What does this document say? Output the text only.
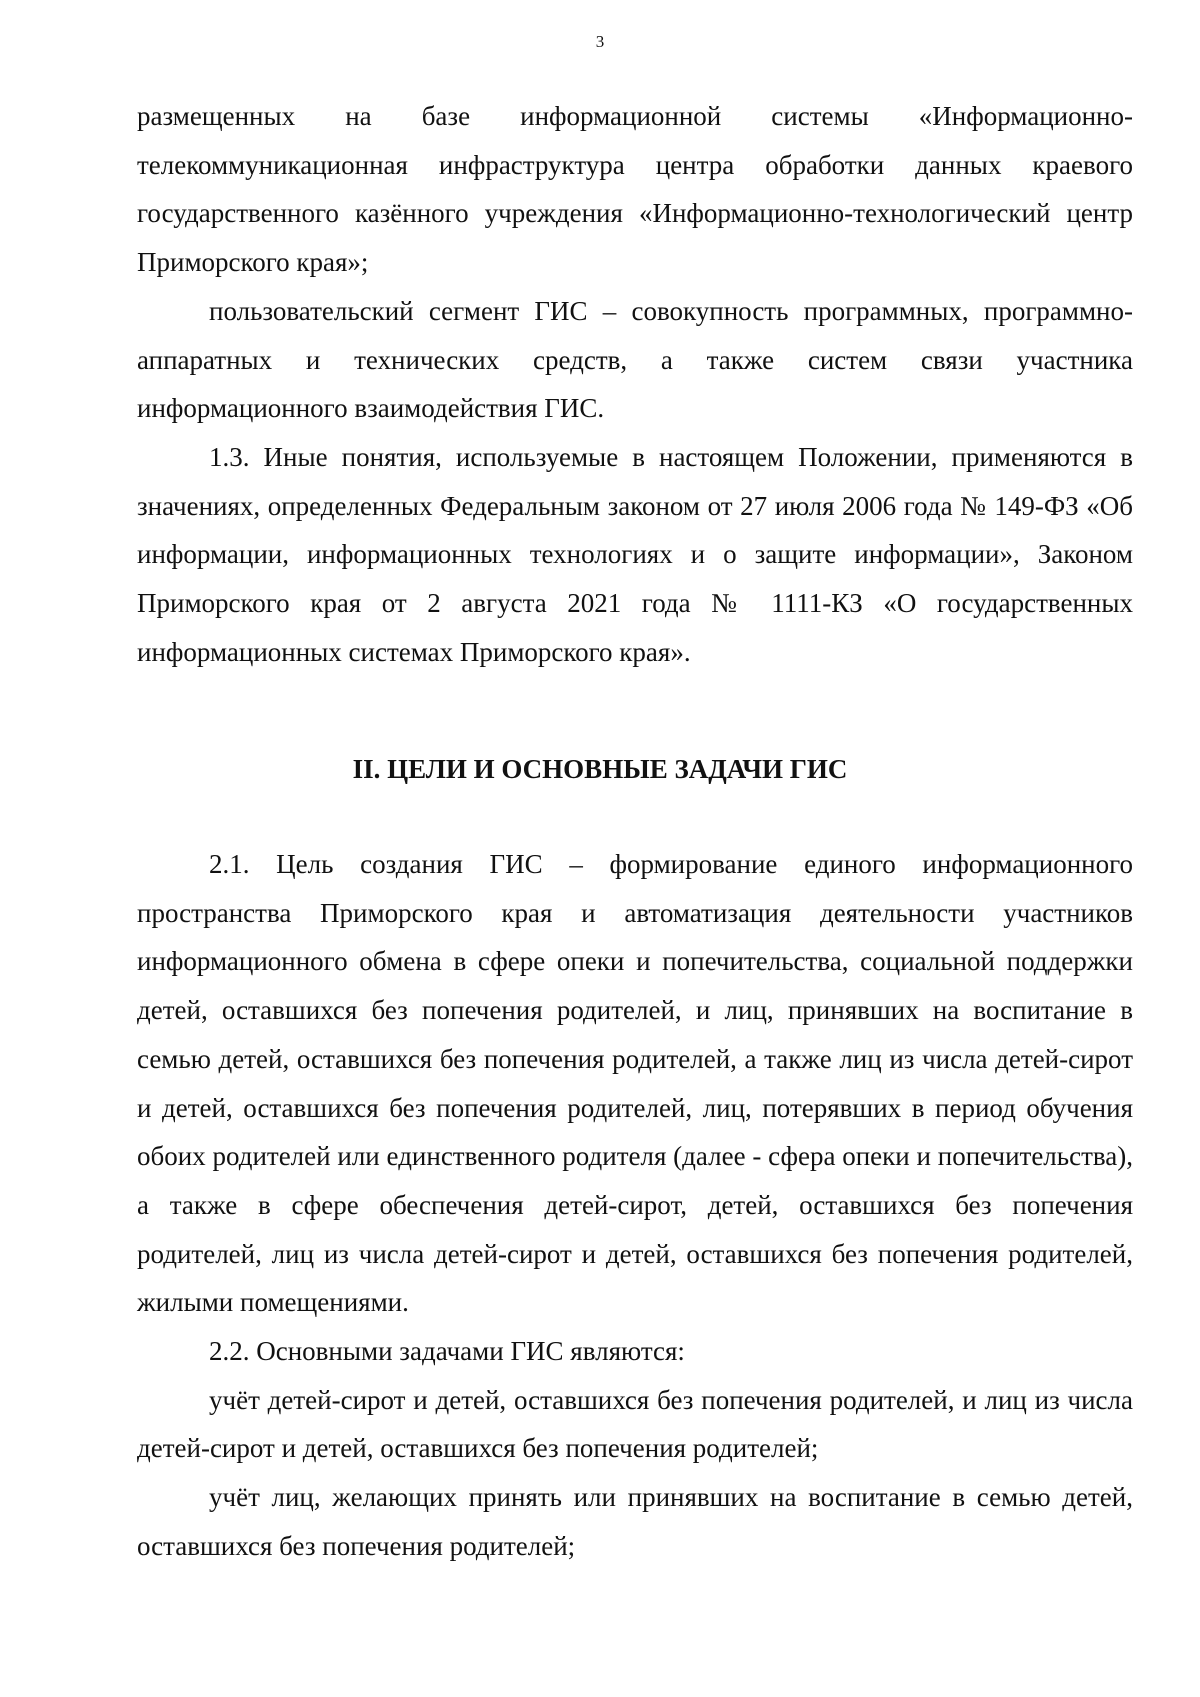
3

размещенных на базе информационной системы «Информационно-телекоммуникационная инфраструктура центра обработки данных краевого государственного казённого учреждения «Информационно-технологический центр Приморского края»;

пользовательский сегмент ГИС – совокупность программных, программно-аппаратных и технических средств, а также систем связи участника информационного взаимодействия ГИС.

1.3. Иные понятия, используемые в настоящем Положении, применяются в значениях, определенных Федеральным законом от 27 июля 2006 года № 149-ФЗ «Об информации, информационных технологиях и о защите информации», Законом Приморского края от 2 августа 2021 года № 1111-КЗ «О государственных информационных системах Приморского края».

II. ЦЕЛИ И ОСНОВНЫЕ ЗАДАЧИ ГИС

2.1. Цель создания ГИС – формирование единого информационного пространства Приморского края и автоматизация деятельности участников информационного обмена в сфере опеки и попечительства, социальной поддержки детей, оставшихся без попечения родителей, и лиц, принявших на воспитание в семью детей, оставшихся без попечения родителей, а также лиц из числа детей-сирот и детей, оставшихся без попечения родителей, лиц, потерявших в период обучения обоих родителей или единственного родителя (далее - сфера опеки и попечительства), а также в сфере обеспечения детей-сирот, детей, оставшихся без попечения родителей, лиц из числа детей-сирот и детей, оставшихся без попечения родителей, жилыми помещениями.

2.2. Основными задачами ГИС являются:

учёт детей-сирот и детей, оставшихся без попечения родителей, и лиц из числа детей-сирот и детей, оставшихся без попечения родителей;

учёт лиц, желающих принять или принявших на воспитание в семью детей, оставшихся без попечения родителей;
